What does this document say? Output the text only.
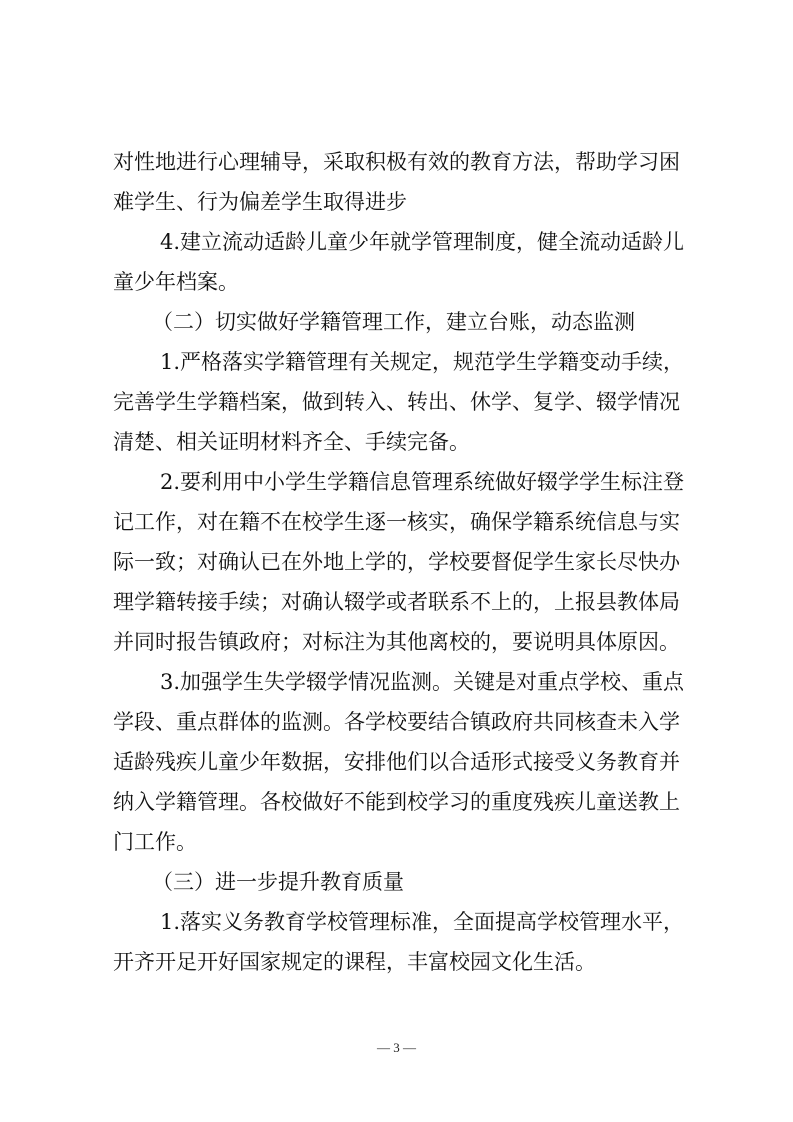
对性地进行心理辅导，采取积极有效的教育方法，帮助学习困
难学生、行为偏差学生取得进步
4.建立流动适龄儿童少年就学管理制度，健全流动适龄儿
童少年档案。
（二）切实做好学籍管理工作，建立台账，动态监测
1.严格落实学籍管理有关规定，规范学生学籍变动手续，
完善学生学籍档案，做到转入、转出、休学、复学、辍学情况
清楚、相关证明材料齐全、手续完备。
2.要利用中小学生学籍信息管理系统做好辍学学生标注登
记工作，对在籍不在校学生逐一核实，确保学籍系统信息与实
际一致；对确认已在外地上学的，学校要督促学生家长尽快办
理学籍转接手续；对确认辍学或者联系不上的，上报县教体局
并同时报告镇政府；对标注为其他离校的，要说明具体原因。
3.加强学生失学辍学情况监测。关键是对重点学校、重点
学段、重点群体的监测。各学校要结合镇政府共同核查未入学
适龄残疾儿童少年数据，安排他们以合适形式接受义务教育并
纳入学籍管理。各校做好不能到校学习的重度残疾儿童送教上
门工作。
（三）进一步提升教育质量
1.落实义务教育学校管理标准，全面提高学校管理水平，
开齐开足开好国家规定的课程，丰富校园文化生活。
— 3 —
